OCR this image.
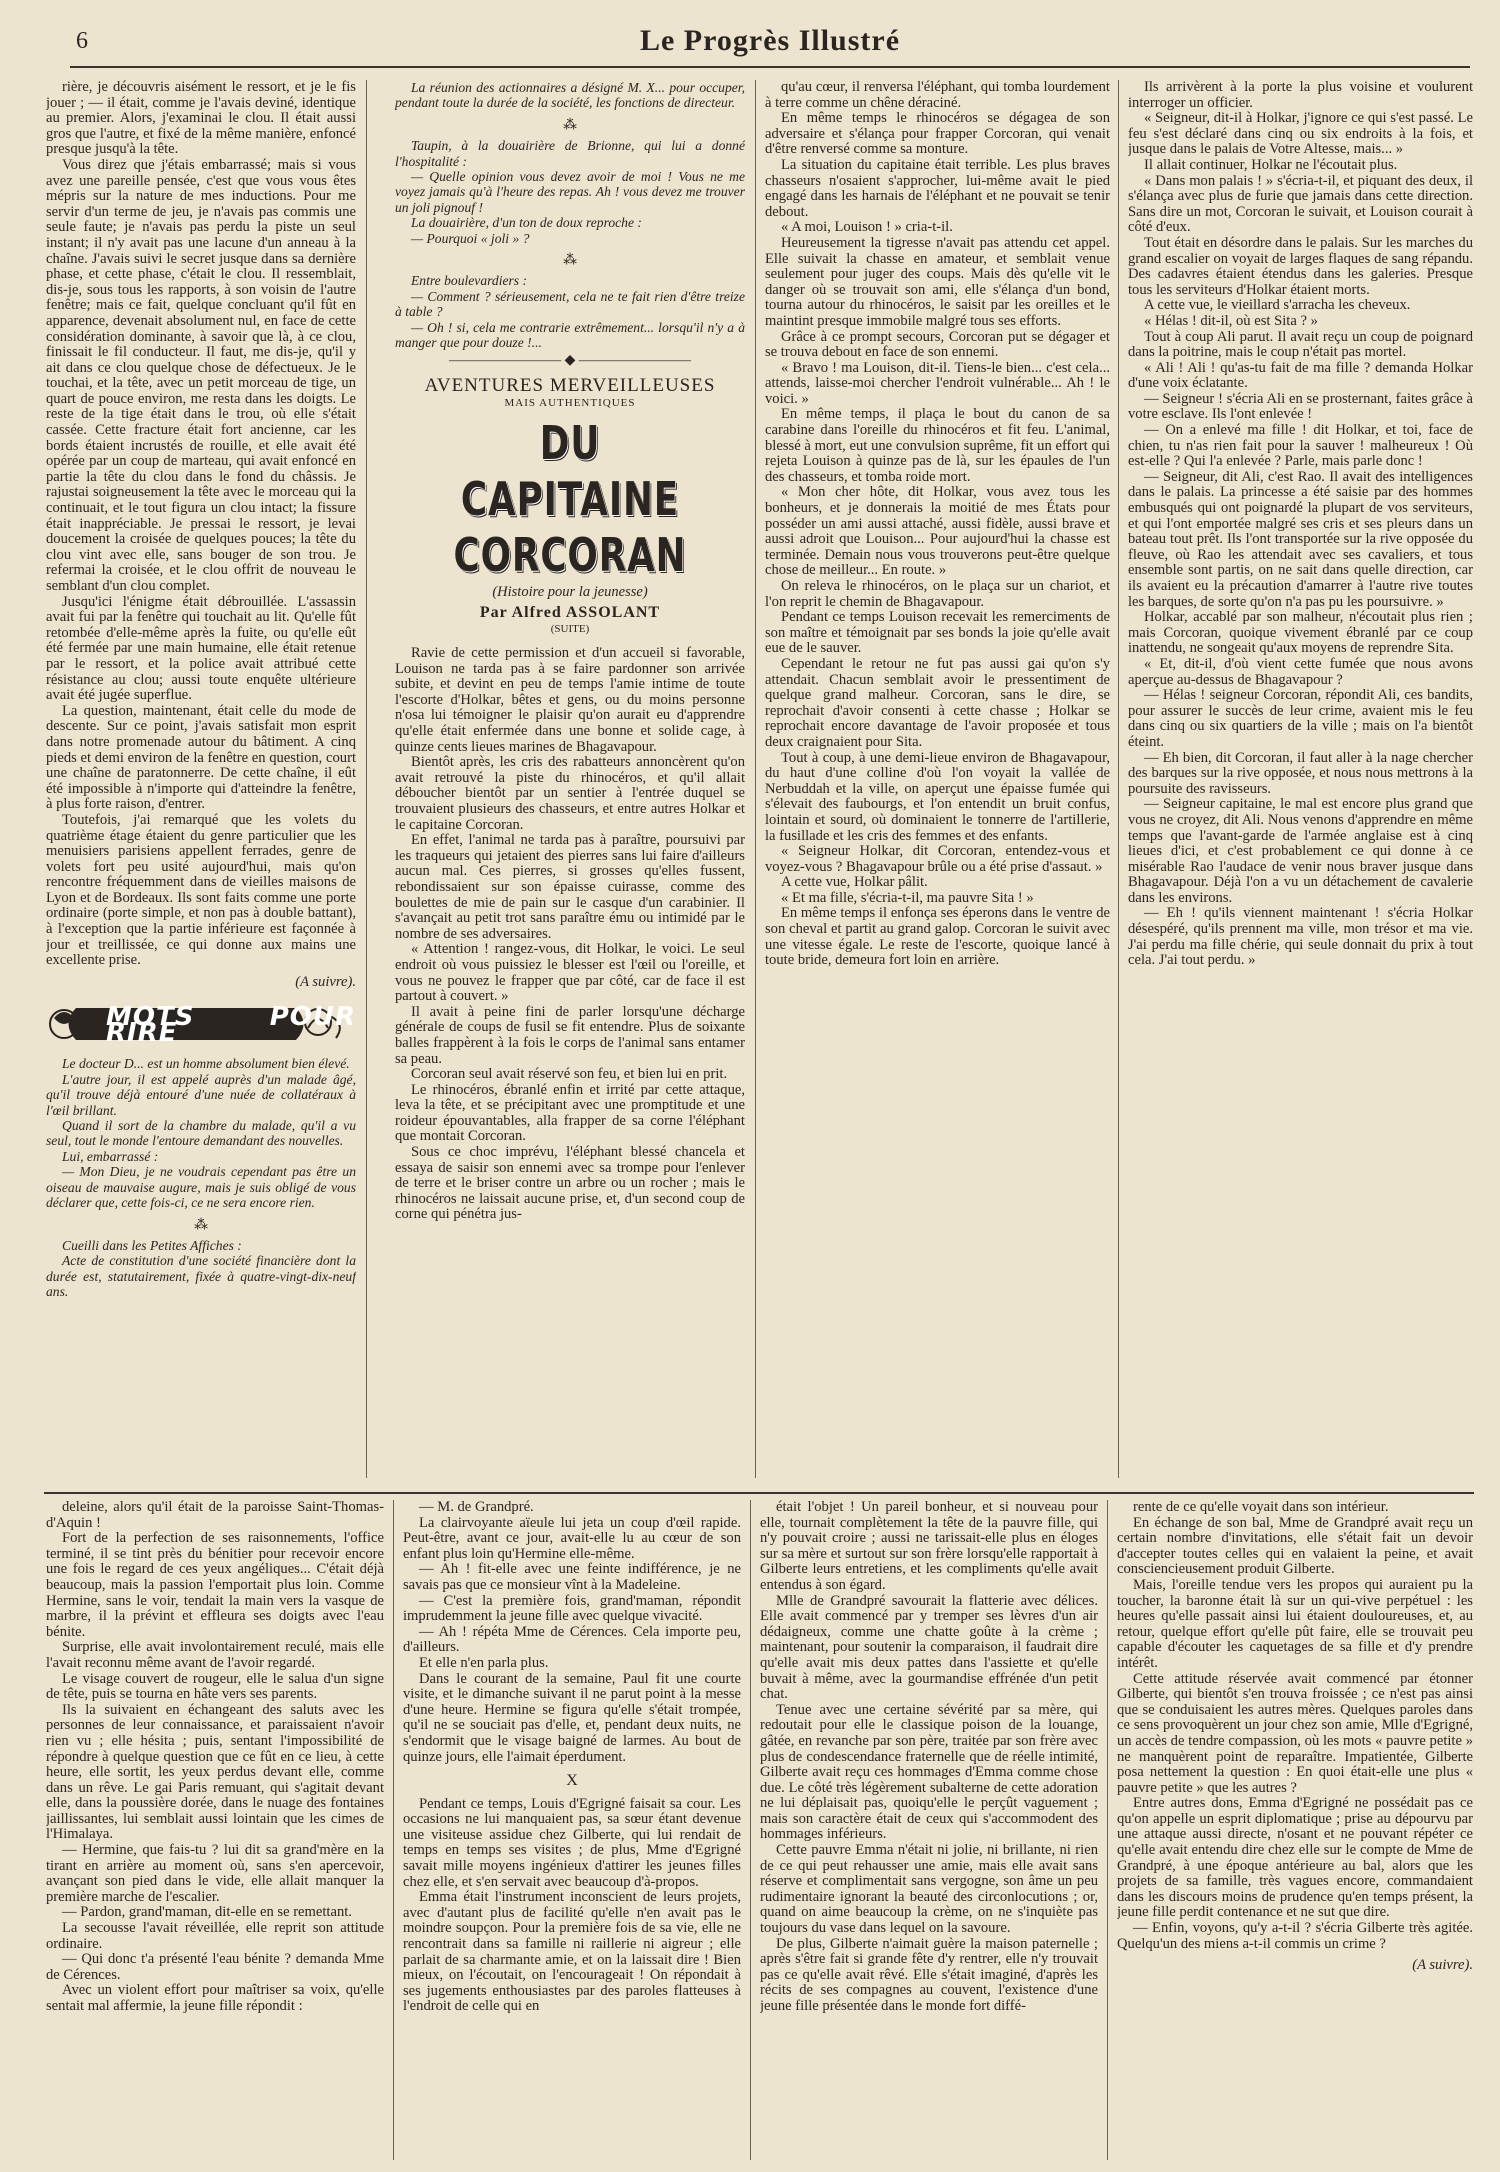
6	Le Progrès Illustré

rière, je découvris aisément le ressort, et je le fis jouer ; — il était, comme je l'avais deviné, identique au premier. Alors, j'examinai le clou. Il était aussi gros que l'autre, et fixé de la même manière, enfoncé presque jusqu'à la tête.

Vous direz que j'étais embarrassé; mais si vous avez une pareille pensée, c'est que vous vous êtes mépris sur la nature de mes inductions. Pour me servir d'un terme de jeu, je n'avais pas commis une seule faute; je n'avais pas perdu la piste un seul instant; il n'y avait pas une lacune d'un anneau à la chaîne. J'avais suivi le secret jusque dans sa dernière phase, et cette phase, c'était le clou. Il ressemblait, dis-je, sous tous les rapports, à son voisin de l'autre fenêtre; mais ce fait, quelque concluant qu'il fût en apparence, devenait absolument nul, en face de cette considération dominante, à savoir que là, à ce clou, finissait le fil conducteur. Il faut, me dis-je, qu'il y ait dans ce clou quelque chose de défectueux. Je le touchai, et la tête, avec un petit morceau de tige, un quart de pouce environ, me resta dans les doigts. Le reste de la tige était dans le trou, où elle s'était cassée. Cette fracture était fort ancienne, car les bords étaient incrustés de rouille, et elle avait été opérée par un coup de marteau, qui avait enfoncé en partie la tête du clou dans le fond du châssis. Je rajustai soigneusement la tête avec le morceau qui la continuait, et le tout figura un clou intact; la fissure était inappréciable. Je pressai le ressort, je levai doucement la croisée de quelques pouces; la tête du clou vint avec elle, sans bouger de son trou. Je refermai la croisée, et le clou offrit de nouveau le semblant d'un clou complet.

Jusqu'ici l'énigme était débrouillée. L'assassin avait fui par la fenêtre qui touchait au lit. Qu'elle fût retombée d'elle-même après la fuite, ou qu'elle eût été fermée par une main humaine, elle était retenue par le ressort, et la police avait attribué cette résistance au clou; aussi toute enquête ultérieure avait été jugée superflue.

La question, maintenant, était celle du mode de descente. Sur ce point, j'avais satisfait mon esprit dans notre promenade autour du bâtiment. A cinq pieds et demi environ de la fenêtre en question, court une chaîne de paratonnerre. De cette chaîne, il eût été impossible à n'importe qui d'atteindre la fenêtre, à plus forte raison, d'entrer.

Toutefois, j'ai remarqué que les volets du quatrième étage étaient du genre particulier que les menuisiers parisiens appellent ferrades, genre de volets fort peu usité aujourd'hui, mais qu'on rencontre fréquemment dans de vieilles maisons de Lyon et de Bordeaux. Ils sont faits comme une porte ordinaire (porte simple, et non pas à double battant), à l'exception que la partie inférieure est façonnée à jour et treillissée, ce qui donne aux mains une excellente prise.

(A suivre).
MOTS POUR RIRE

Le docteur D... est un homme absolument bien élevé.

L'autre jour, il est appelé auprès d'un malade âgé, qu'il trouve déjà entouré d'une nuée de collatéraux à l'œil brillant.

Quand il sort de la chambre du malade, qu'il a vu seul, tout le monde l'entoure demandant des nouvelles.

Lui, embarrassé :

— Mon Dieu, je ne voudrais cependant pas être un oiseau de mauvaise augure, mais je suis obligé de vous déclarer que, cette fois-ci, ce ne sera encore rien.

⁂

Cueilli dans les Petites Affiches :

Acte de constitution d'une société financière dont la durée est, statutairement, fixée à quatre-vingt-dix-neuf ans.

La réunion des actionnaires a désigné M. X... pour occuper, pendant toute la durée de la société, les fonctions de directeur.

⁂

Taupin, à la douairière de Brionne, qui lui a donné l'hospitalité :

— Quelle opinion vous devez avoir de moi ! Vous ne me voyez jamais qu'à l'heure des repas. Ah ! vous devez me trouver un joli pignouf !

La douairière, d'un ton de doux reproche :

— Pourquoi « joli » ?

⁂

Entre boulevardiers :

— Comment ? sérieusement, cela ne te fait rien d'être treize à table ?

— Oh ! si, cela me contrarie extrêmement... lorsqu'il n'y a à manger que pour douze !...

―――――――― ◆ ――――――――
AVENTURES MERVEILLEUSES
MAIS AUTHENTIQUES
DU CAPITAINE CORCORAN
(Histoire pour la jeunesse)
Par Alfred ASSOLANT
(SUITE)

Ravie de cette permission et d'un accueil si favorable, Louison ne tarda pas à se faire pardonner son arrivée subite, et devint en peu de temps l'amie intime de toute l'escorte d'Holkar, bêtes et gens, ou du moins personne n'osa lui témoigner le plaisir qu'on aurait eu d'apprendre qu'elle était enfermée dans une bonne et solide cage, à quinze cents lieues marines de Bhagavapour.

Bientôt après, les cris des rabatteurs annoncèrent qu'on avait retrouvé la piste du rhinocéros, et qu'il allait déboucher bientôt par un sentier à l'entrée duquel se trouvaient plusieurs des chasseurs, et entre autres Holkar et le capitaine Corcoran.

En effet, l'animal ne tarda pas à paraître, poursuivi par les traqueurs qui jetaient des pierres sans lui faire d'ailleurs aucun mal. Ces pierres, si grosses qu'elles fussent, rebondissaient sur son épaisse cuirasse, comme des boulettes de mie de pain sur le casque d'un carabinier. Il s'avançait au petit trot sans paraître ému ou intimidé par le nombre de ses adversaires.

« Attention ! rangez-vous, dit Holkar, le voici. Le seul endroit où vous puissiez le blesser est l'œil ou l'oreille, et vous ne pouvez le frapper que par côté, car de face il est partout à couvert. »

Il avait à peine fini de parler lorsqu'une décharge générale de coups de fusil se fit entendre. Plus de soixante balles frappèrent à la fois le corps de l'animal sans entamer sa peau.

Corcoran seul avait réservé son feu, et bien lui en prit.

Le rhinocéros, ébranlé enfin et irrité par cette attaque, leva la tête, et se précipitant avec une promptitude et une roideur épouvantables, alla frapper de sa corne l'éléphant que montait Corcoran.

Sous ce choc imprévu, l'éléphant blessé chancela et essaya de saisir son ennemi avec sa trompe pour l'enlever de terre et le briser contre un arbre ou un rocher ; mais le rhinocéros ne laissait aucune prise, et, d'un second coup de corne qui pénétra jus-

qu'au cœur, il renversa l'éléphant, qui tomba lourdement à terre comme un chêne déraciné.

En même temps le rhinocéros se dégagea de son adversaire et s'élança pour frapper Corcoran, qui venait d'être renversé comme sa monture.

La situation du capitaine était terrible. Les plus braves chasseurs n'osaient s'approcher, lui-même avait le pied engagé dans les harnais de l'éléphant et ne pouvait se tenir debout.

« A moi, Louison ! » cria-t-il.

Heureusement la tigresse n'avait pas attendu cet appel. Elle suivait la chasse en amateur, et semblait venue seulement pour juger des coups. Mais dès qu'elle vit le danger où se trouvait son ami, elle s'élança d'un bond, tourna autour du rhinocéros, le saisit par les oreilles et le maintint presque immobile malgré tous ses efforts.

Grâce à ce prompt secours, Corcoran put se dégager et se trouva debout en face de son ennemi.

« Bravo ! ma Louison, dit-il. Tiens-le bien... c'est cela... attends, laisse-moi chercher l'endroit vulnérable... Ah ! le voici. »

En même temps, il plaça le bout du canon de sa carabine dans l'oreille du rhinocéros et fit feu. L'animal, blessé à mort, eut une convulsion suprême, fit un effort qui rejeta Louison à quinze pas de là, sur les épaules de l'un des chasseurs, et tomba roide mort.

« Mon cher hôte, dit Holkar, vous avez tous les bonheurs, et je donnerais la moitié de mes États pour posséder un ami aussi attaché, aussi fidèle, aussi brave et aussi adroit que Louison... Pour aujourd'hui la chasse est terminée. Demain nous vous trouverons peut-être quelque chose de meilleur... En route. »

On releva le rhinocéros, on le plaça sur un chariot, et l'on reprit le chemin de Bhagavapour.

Pendant ce temps Louison recevait les remerciments de son maître et témoignait par ses bonds la joie qu'elle avait eue de le sauver.

Cependant le retour ne fut pas aussi gai qu'on s'y attendait. Chacun semblait avoir le pressentiment de quelque grand malheur. Corcoran, sans le dire, se reprochait d'avoir consenti à cette chasse ; Holkar se reprochait encore davantage de l'avoir proposée et tous deux craignaient pour Sita.

Tout à coup, à une demi-lieue environ de Bhagavapour, du haut d'une colline d'où l'on voyait la vallée de Nerbuddah et la ville, on aperçut une épaisse fumée qui s'élevait des faubourgs, et l'on entendit un bruit confus, lointain et sourd, où dominaient le tonnerre de l'artillerie, la fusillade et les cris des femmes et des enfants.

« Seigneur Holkar, dit Corcoran, entendez-vous et voyez-vous ? Bhagavapour brûle ou a été prise d'assaut. »

A cette vue, Holkar pâlit.

« Et ma fille, s'écria-t-il, ma pauvre Sita ! »

En même temps il enfonça ses éperons dans le ventre de son cheval et partit au grand galop. Corcoran le suivit avec une vitesse égale. Le reste de l'escorte, quoique lancé à toute bride, demeura fort loin en arrière.

Ils arrivèrent à la porte la plus voisine et voulurent interroger un officier.

« Seigneur, dit-il à Holkar, j'ignore ce qui s'est passé. Le feu s'est déclaré dans cinq ou six endroits à la fois, et jusque dans le palais de Votre Altesse, mais... »

Il allait continuer, Holkar ne l'écoutait plus.

« Dans mon palais ! » s'écria-t-il, et piquant des deux, il s'élança avec plus de furie que jamais dans cette direction. Sans dire un mot, Corcoran le suivait, et Louison courait à côté d'eux.

Tout était en désordre dans le palais. Sur les marches du grand escalier on voyait de larges flaques de sang répandu. Des cadavres étaient étendus dans les galeries. Presque tous les serviteurs d'Holkar étaient morts.

A cette vue, le vieillard s'arracha les cheveux.

« Hélas ! dit-il, où est Sita ? »

Tout à coup Ali parut. Il avait reçu un coup de poignard dans la poitrine, mais le coup n'était pas mortel.

« Ali ! Ali ! qu'as-tu fait de ma fille ? demanda Holkar d'une voix éclatante.

— Seigneur ! s'écria Ali en se prosternant, faites grâce à votre esclave. Ils l'ont enlevée !

— On a enlevé ma fille ! dit Holkar, et toi, face de chien, tu n'as rien fait pour la sauver ! malheureux ! Où est-elle ? Qui l'a enlevée ? Parle, mais parle donc !

— Seigneur, dit Ali, c'est Rao. Il avait des intelligences dans le palais. La princesse a été saisie par des hommes embusqués qui ont poignardé la plupart de vos serviteurs, et qui l'ont emportée malgré ses cris et ses pleurs dans un bateau tout prêt. Ils l'ont transportée sur la rive opposée du fleuve, où Rao les attendait avec ses cavaliers, et tous ensemble sont partis, on ne sait dans quelle direction, car ils avaient eu la précaution d'amarrer à l'autre rive toutes les barques, de sorte qu'on n'a pas pu les poursuivre. »

Holkar, accablé par son malheur, n'écoutait plus rien ; mais Corcoran, quoique vivement ébranlé par ce coup inattendu, ne songeait qu'aux moyens de reprendre Sita.

« Et, dit-il, d'où vient cette fumée que nous avons aperçue au-dessus de Bhagavapour ?

— Hélas ! seigneur Corcoran, répondit Ali, ces bandits, pour assurer le succès de leur crime, avaient mis le feu dans cinq ou six quartiers de la ville ; mais on l'a bientôt éteint.

— Eh bien, dit Corcoran, il faut aller à la nage chercher des barques sur la rive opposée, et nous nous mettrons à la poursuite des ravisseurs.

— Seigneur capitaine, le mal est encore plus grand que vous ne croyez, dit Ali. Nous venons d'apprendre en même temps que l'avant-garde de l'armée anglaise est à cinq lieues d'ici, et c'est probablement ce qui donne à ce misérable Rao l'audace de venir nous braver jusque dans Bhagavapour. Déjà l'on a vu un détachement de cavalerie dans les environs.

— Eh ! qu'ils viennent maintenant ! s'écria Holkar désespéré, qu'ils prennent ma ville, mon trésor et ma vie. J'ai perdu ma fille chérie, qui seule donnait du prix à tout cela. J'ai tout perdu. »

deleine, alors qu'il était de la paroisse Saint-Thomas-d'Aquin !

Fort de la perfection de ses raisonnements, l'office terminé, il se tint près du bénitier pour recevoir encore une fois le regard de ces yeux angéliques... C'était déjà beaucoup, mais la passion l'emportait plus loin. Comme Hermine, sans le voir, tendait la main vers la vasque de marbre, il la prévint et effleura ses doigts avec l'eau bénite.

Surprise, elle avait involontairement reculé, mais elle l'avait reconnu même avant de l'avoir regardé.

Le visage couvert de rougeur, elle le salua d'un signe de tête, puis se tourna en hâte vers ses parents.

Ils la suivaient en échangeant des saluts avec les personnes de leur connaissance, et paraissaient n'avoir rien vu ; elle hésita ; puis, sentant l'impossibilité de répondre à quelque question que ce fût en ce lieu, à cette heure, elle sortit, les yeux perdus devant elle, comme dans un rêve. Le gai Paris remuant, qui s'agitait devant elle, dans la poussière dorée, dans le nuage des fontaines jaillissantes, lui semblait aussi lointain que les cimes de l'Himalaya.

— Hermine, que fais-tu ? lui dit sa grand'mère en la tirant en arrière au moment où, sans s'en apercevoir, avançant son pied dans le vide, elle allait manquer la première marche de l'escalier.

— Pardon, grand'maman, dit-elle en se remettant.

La secousse l'avait réveillée, elle reprit son attitude ordinaire.

— Qui donc t'a présenté l'eau bénite ? demanda Mme de Cérences.

Avec un violent effort pour maîtriser sa voix, qu'elle sentait mal affermie, la jeune fille répondit :

— M. de Grandpré.

La clairvoyante aïeule lui jeta un coup d'œil rapide. Peut-être, avant ce jour, avait-elle lu au cœur de son enfant plus loin qu'Hermine elle-même.

— Ah ! fit-elle avec une feinte indifférence, je ne savais pas que ce monsieur vînt à la Madeleine.

— C'est la première fois, grand'maman, répondit imprudemment la jeune fille avec quelque vivacité.

— Ah ! répéta Mme de Cérences. Cela importe peu, d'ailleurs.

Et elle n'en parla plus.

Dans le courant de la semaine, Paul fit une courte visite, et le dimanche suivant il ne parut point à la messe d'une heure. Hermine se figura qu'elle s'était trompée, qu'il ne se souciait pas d'elle, et, pendant deux nuits, ne s'endormit que le visage baigné de larmes. Au bout de quinze jours, elle l'aimait éperdument.

X

Pendant ce temps, Louis d'Egrigné faisait sa cour. Les occasions ne lui manquaient pas, sa sœur étant devenue une visiteuse assidue chez Gilberte, qui lui rendait de temps en temps ses visites ; de plus, Mme d'Egrigné savait mille moyens ingénieux d'attirer les jeunes filles chez elle, et s'en servait avec beaucoup d'à-propos.

Emma était l'instrument inconscient de leurs projets, avec d'autant plus de facilité qu'elle n'en avait pas le moindre soupçon. Pour la première fois de sa vie, elle ne rencontrait dans sa famille ni raillerie ni aigreur ; elle parlait de sa charmante amie, et on la laissait dire ! Bien mieux, on l'écoutait, on l'encourageait ! On répondait à ses jugements enthousiastes par des paroles flatteuses à l'endroit de celle qui en

était l'objet ! Un pareil bonheur, et si nouveau pour elle, tournait complètement la tête de la pauvre fille, qui n'y pouvait croire ; aussi ne tarissait-elle plus en éloges sur sa mère et surtout sur son frère lorsqu'elle rapportait à Gilberte leurs entretiens, et les compliments qu'elle avait entendus à son égard.

Mlle de Grandpré savourait la flatterie avec délices. Elle avait commencé par y tremper ses lèvres d'un air dédaigneux, comme une chatte goûte à la crème ; maintenant, pour soutenir la comparaison, il faudrait dire qu'elle avait mis deux pattes dans l'assiette et qu'elle buvait à même, avec la gourmandise effrénée d'un petit chat.

Tenue avec une certaine sévérité par sa mère, qui redoutait pour elle le classique poison de la louange, gâtée, en revanche par son père, traitée par son frère avec plus de condescendance fraternelle que de réelle intimité, Gilberte avait reçu ces hommages d'Emma comme chose due. Le côté très légèrement subalterne de cette adoration ne lui déplaisait pas, quoiqu'elle le perçût vaguement ; mais son caractère était de ceux qui s'accommodent des hommages inférieurs.

Cette pauvre Emma n'était ni jolie, ni brillante, ni rien de ce qui peut rehausser une amie, mais elle avait sans réserve et complimentait sans vergogne, son âme un peu rudimentaire ignorant la beauté des circonlocutions ; or, quand on aime beaucoup la crème, on ne s'inquiète pas toujours du vase dans lequel on la savoure.

De plus, Gilberte n'aimait guère la maison paternelle ; après s'être fait si grande fête d'y rentrer, elle n'y trouvait pas ce qu'elle avait rêvé. Elle s'était imaginé, d'après les récits de ses compagnes au couvent, l'existence d'une jeune fille présentée dans le monde fort diffé-

rente de ce qu'elle voyait dans son intérieur.

En échange de son bal, Mme de Grandpré avait reçu un certain nombre d'invitations, elle s'était fait un devoir d'accepter toutes celles qui en valaient la peine, et avait consciencieusement produit Gilberte.

Mais, l'oreille tendue vers les propos qui auraient pu la toucher, la baronne était là sur un qui-vive perpétuel : les heures qu'elle passait ainsi lui étaient douloureuses, et, au retour, quelque effort qu'elle pût faire, elle se trouvait peu capable d'écouter les caquetages de sa fille et d'y prendre intérêt.

Cette attitude réservée avait commencé par étonner Gilberte, qui bientôt s'en trouva froissée ; ce n'est pas ainsi que se conduisaient les autres mères. Quelques paroles dans ce sens provoquèrent un jour chez son amie, Mlle d'Egrigné, un accès de tendre compassion, où les mots « pauvre petite » ne manquèrent point de reparaître. Impatientée, Gilberte posa nettement la question : En quoi était-elle une plus « pauvre petite » que les autres ?

Entre autres dons, Emma d'Egrigné ne possédait pas ce qu'on appelle un esprit diplomatique ; prise au dépourvu par une attaque aussi directe, n'osant et ne pouvant répéter ce qu'elle avait entendu dire chez elle sur le compte de Mme de Grandpré, à une époque antérieure au bal, alors que les projets de sa famille, très vagues encore, commandaient dans les discours moins de prudence qu'en temps présent, la jeune fille perdit contenance et ne sut que dire.

— Enfin, voyons, qu'y a-t-il ? s'écria Gilberte très agitée. Quelqu'un des miens a-t-il commis un crime ?

(A suivre).
